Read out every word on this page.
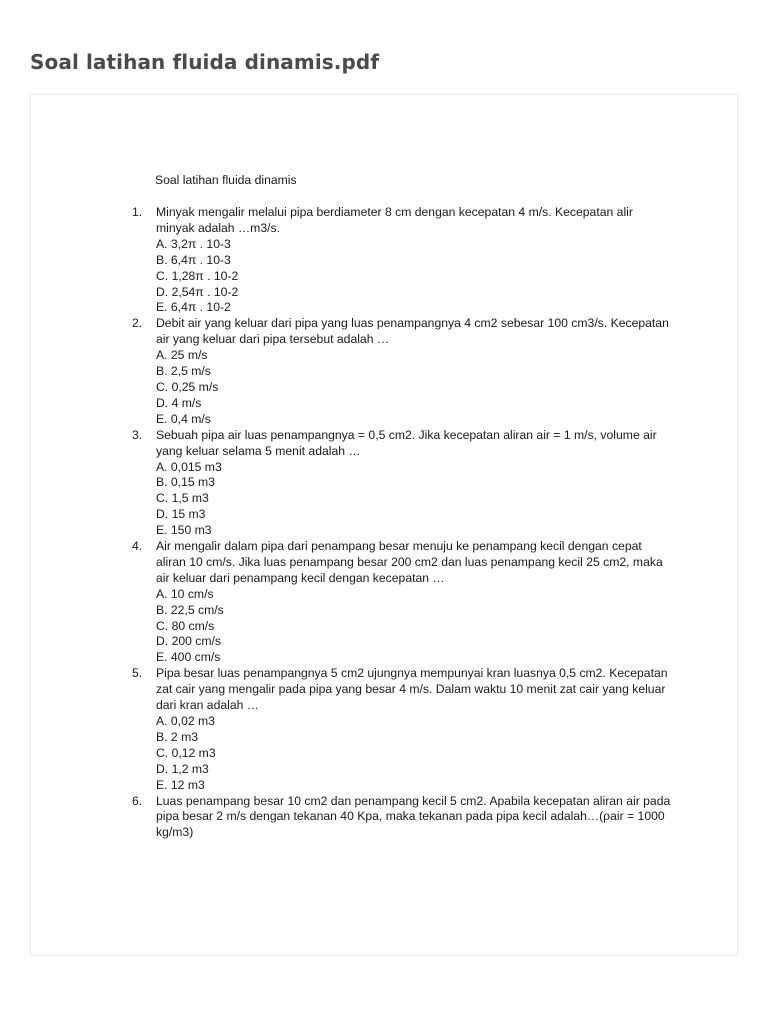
Soal latihan fluida dinamis.pdf
Soal latihan fluida dinamis
1. Minyak mengalir melalui pipa berdiameter 8 cm dengan kecepatan 4 m/s. Kecepatan alir minyak adalah …m3/s.
A. 3,2π . 10-3
B. 6,4π . 10-3
C. 1,28π . 10-2
D. 2,54π . 10-2
E. 6,4π . 10-2
2. Debit air yang keluar dari pipa yang luas penampangnya 4 cm2 sebesar 100 cm3/s. Kecepatan air yang keluar dari pipa tersebut adalah …
A. 25 m/s
B. 2,5 m/s
C. 0,25 m/s
D. 4 m/s
E. 0,4 m/s
3. Sebuah pipa air luas penampangnya = 0,5 cm2. Jika kecepatan aliran air = 1 m/s, volume air yang keluar selama 5 menit adalah …
A. 0,015 m3
B. 0,15 m3
C. 1,5 m3
D. 15 m3
E. 150 m3
4. Air mengalir dalam pipa dari penampang besar menuju ke penampang kecil dengan cepat aliran 10 cm/s. Jika luas penampang besar 200 cm2 dan luas penampang kecil 25 cm2, maka air keluar dari penampang kecil dengan kecepatan …
A. 10 cm/s
B. 22,5 cm/s
C. 80 cm/s
D. 200 cm/s
E. 400 cm/s
5. Pipa besar luas penampangnya 5 cm2 ujungnya mempunyai kran luasnya 0,5 cm2. Kecepatan zat cair yang mengalir pada pipa yang besar 4 m/s. Dalam waktu 10 menit zat cair yang keluar dari kran adalah …
A. 0,02 m3
B. 2 m3
C. 0,12 m3
D. 1,2 m3
E. 12 m3
6. Luas penampang besar 10 cm2 dan penampang kecil 5 cm2. Apabila kecepatan aliran air pada pipa besar 2 m/s dengan tekanan 40 Kpa, maka tekanan pada pipa kecil adalah…(ρair = 1000 kg/m3)
